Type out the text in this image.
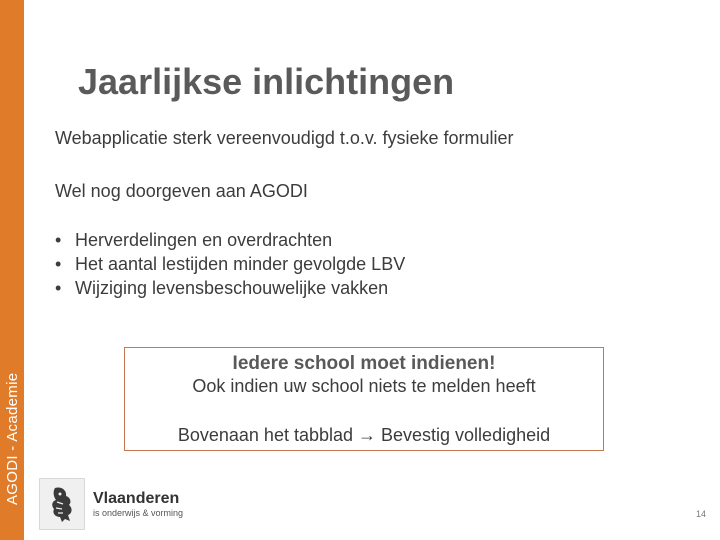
AGODI - Academie
Jaarlijkse inlichtingen

Webapplicatie sterk vereenvoudigd t.o.v. fysieke formulier

Wel nog doorgeven aan AGODI

• Herverdelingen en overdrachten
• Het aantal lestijden minder gevolgde LBV
• Wijziging levensbeschouwelijke vakken
Iedere school moet indienen!
Ook indien uw school niets te melden heeft
Bovenaan het tabblad → Bevestig volledigheid
Vlaanderen
is onderwijs & vorming	14
